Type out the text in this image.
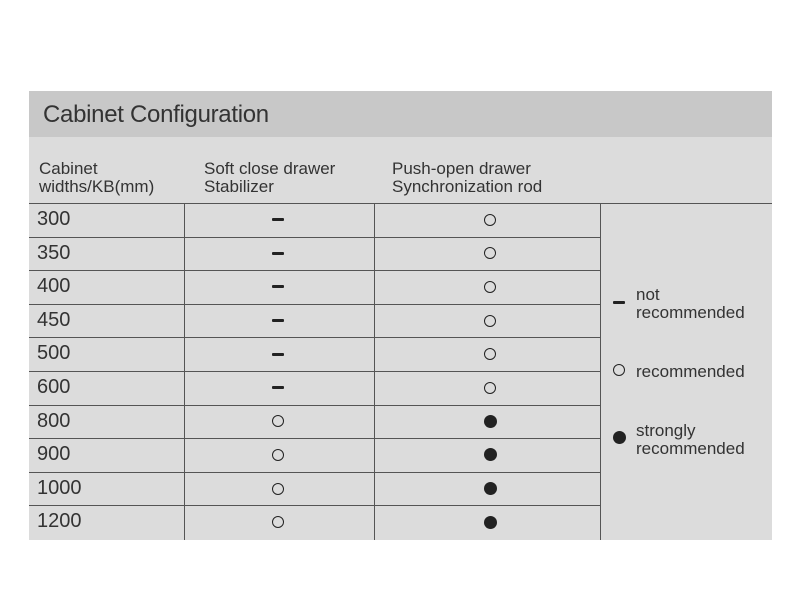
Cabinet Configuration
Cabinet
widths/KB(mm)
Soft close drawer
Stabilizer
Push-open drawer
Synchronization rod
300
350
400
450
500
600
800
900
1000
1200
not
recommended
recommended
strongly
recommended
